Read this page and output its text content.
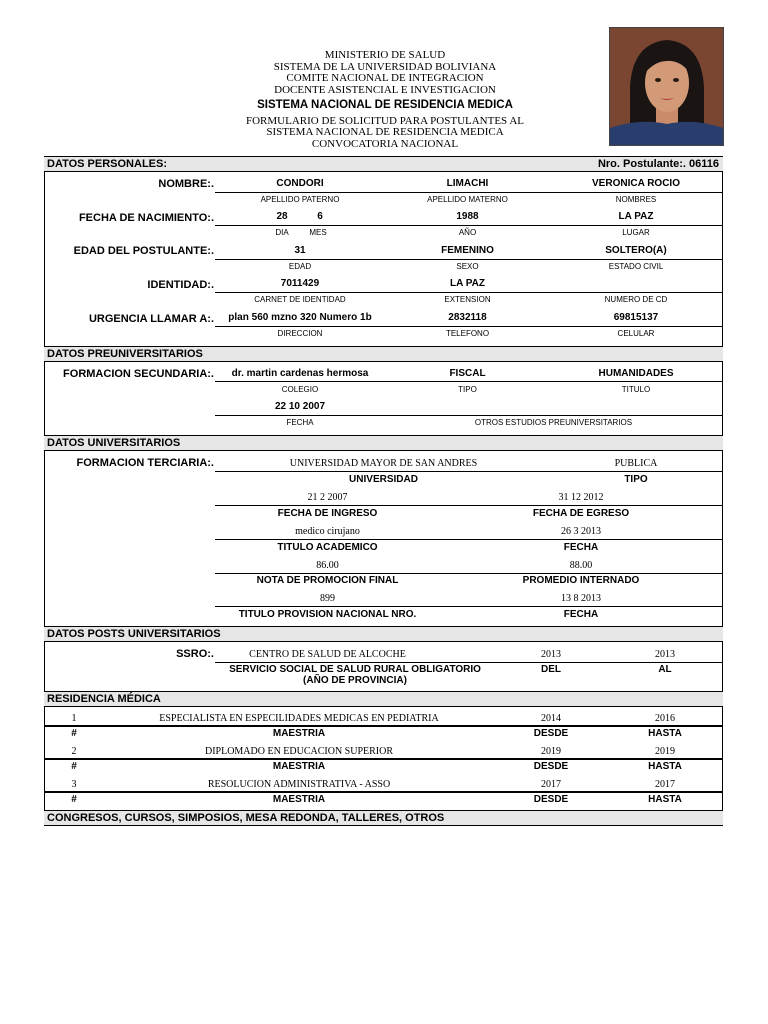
MINISTERIO DE SALUD
SISTEMA DE LA UNIVERSIDAD BOLIVIANA
COMITE NACIONAL DE INTEGRACION
DOCENTE ASISTENCIAL E INVESTIGACION
SISTEMA NACIONAL DE RESIDENCIA MEDICA
FORMULARIO DE SOLICITUD PARA POSTULANTES AL
SISTEMA NACIONAL DE RESIDENCIA MEDICA
CONVOCATORIA NACIONAL
DATOS PERSONALES:	Nro. Postulante:. 06116
NOMBRE:.	CONDORI	LIMACHI	VERONICA ROCIO
APELLIDO PATERNO	APELLIDO MATERNO	NOMBRES
FECHA DE NACIMIENTO:.	28	6	1988	LA PAZ
DIA	MES	AÑO	LUGAR
EDAD DEL POSTULANTE:.	31	FEMENINO	SOLTERO(A)
EDAD	SEXO	ESTADO CIVIL
IDENTIDAD:.	7011429	LA PAZ
CARNET DE IDENTIDAD	EXTENSION	NUMERO DE CD
URGENCIA LLAMAR A:.	plan 560 mzno 320 Numero 1b	2832118	69815137
DIRECCION	TELEFONO	CELULAR
DATOS PREUNIVERSITARIOS
FORMACION SECUNDARIA:.	dr. martin cardenas hermosa	FISCAL	HUMANIDADES
COLEGIO	TIPO	TITULO
22 10 2007
FECHA	OTROS ESTUDIOS PREUNIVERSITARIOS
DATOS UNIVERSITARIOS
FORMACION TERCIARIA:.	UNIVERSIDAD MAYOR DE SAN ANDRES	PUBLICA
UNIVERSIDAD	TIPO
21 2 2007	31 12 2012
FECHA DE INGRESO	FECHA DE EGRESO
medico cirujano	26 3 2013
TITULO ACADEMICO	FECHA
86.00	88.00
NOTA DE PROMOCION FINAL	PROMEDIO INTERNADO
899	13 8 2013
TITULO PROVISION NACIONAL NRO.	FECHA
DATOS POSTS UNIVERSITARIOS
SSRO:.	CENTRO DE SALUD DE ALCOCHE	2013	2013
SERVICIO SOCIAL DE SALUD RURAL OBLIGATORIO
(AÑO DE PROVINCIA)
DEL	AL
RESIDENCIA MÉDICA
1	ESPECIALISTA EN ESPECILIDADES MEDICAS EN PEDIATRIA	2014	2016
#	MAESTRIA	DESDE	HASTA
2	DIPLOMADO EN EDUCACION SUPERIOR	2019	2019
#	MAESTRIA	DESDE	HASTA
3	RESOLUCION ADMINISTRATIVA - ASSO	2017	2017
#	MAESTRIA	DESDE	HASTA
CONGRESOS, CURSOS, SIMPOSIOS, MESA REDONDA, TALLERES, OTROS
